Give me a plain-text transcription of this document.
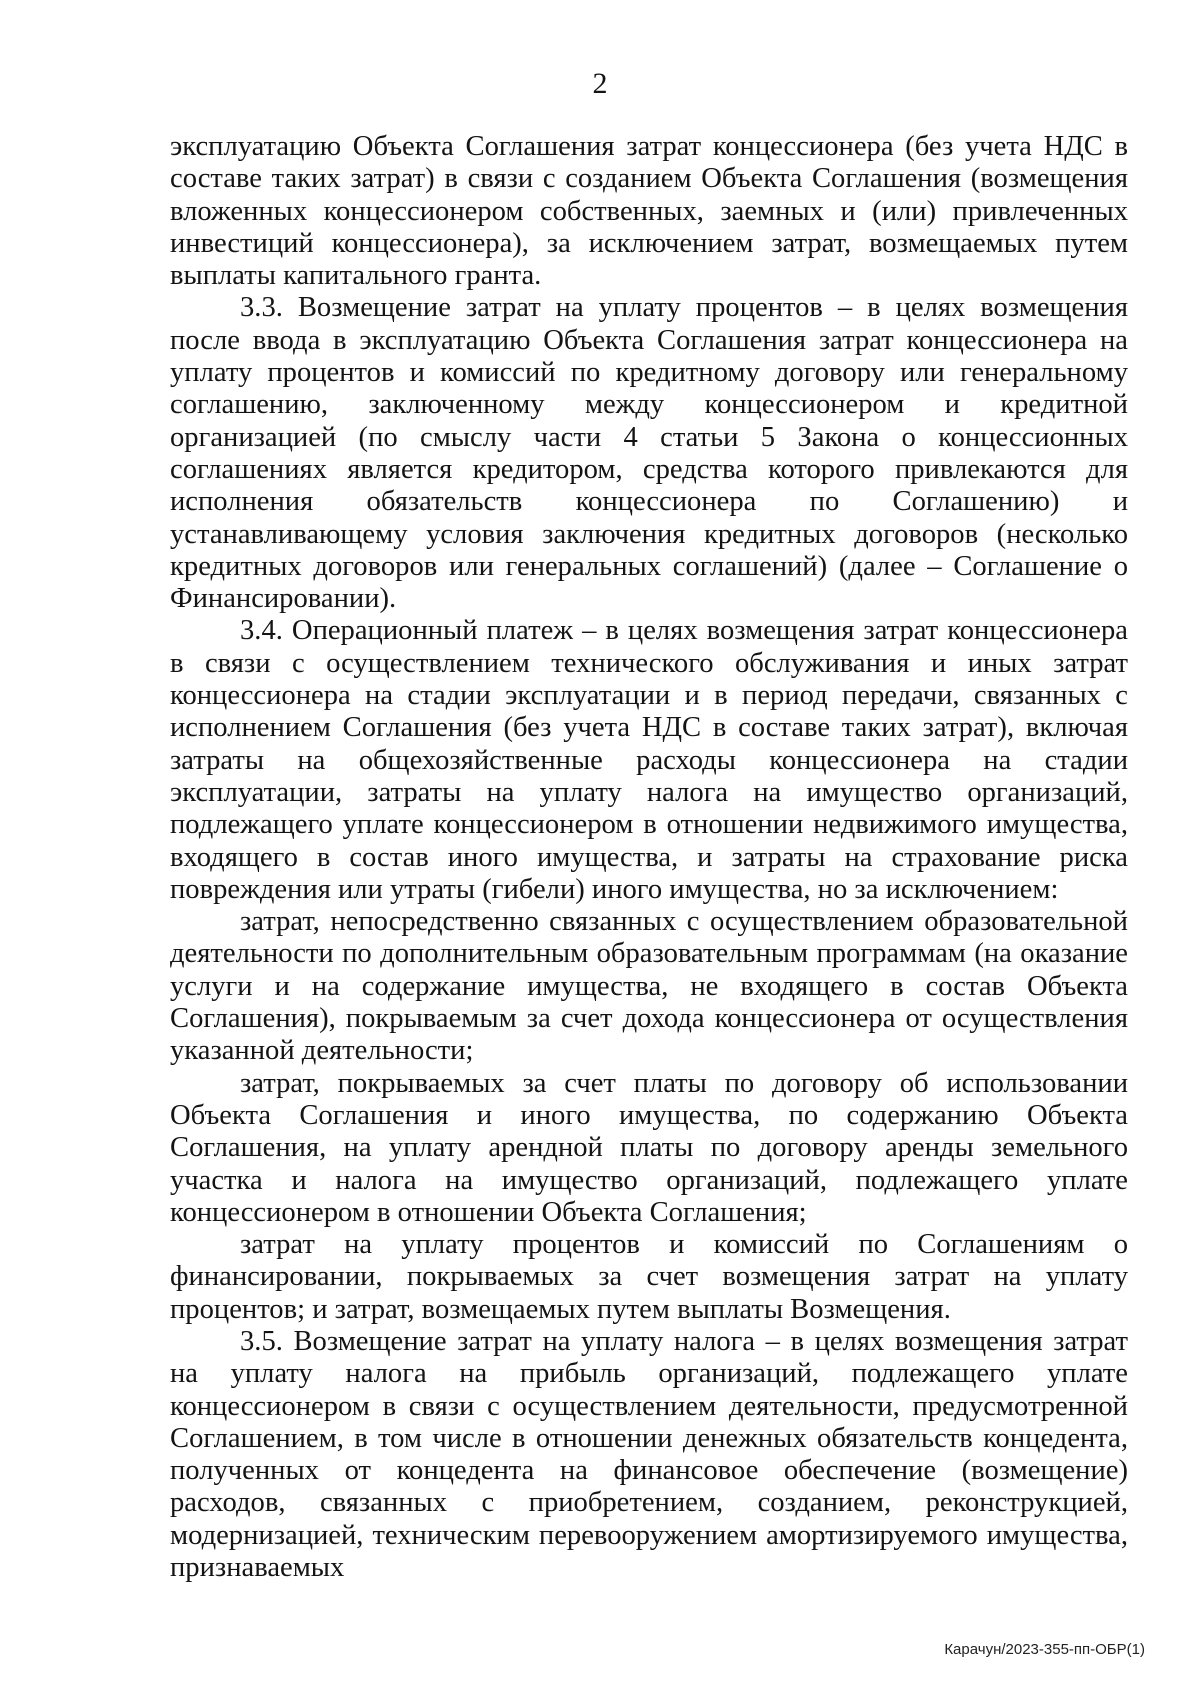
2

эксплуатацию Объекта Соглашения затрат концессионера (без учета НДС в составе таких затрат) в связи с созданием Объекта Соглашения (возмещения вложенных концессионером собственных, заемных и (или) привлеченных инвестиций концессионера), за исключением затрат, возмещаемых путем выплаты капитального гранта.

3.3. Возмещение затрат на уплату процентов – в целях возмещения после ввода в эксплуатацию Объекта Соглашения затрат концессионера на уплату процентов и комиссий по кредитному договору или генеральному соглашению, заключенному между концессионером и кредитной организацией (по смыслу части 4 статьи 5 Закона о концессионных соглашениях является кредитором, средства которого привлекаются для исполнения обязательств концессионера по Соглашению) и устанавливающему условия заключения кредитных договоров (несколько кредитных договоров или генеральных соглашений) (далее – Соглашение о Финансировании).

3.4. Операционный платеж – в целях возмещения затрат концессионера в связи с осуществлением технического обслуживания и иных затрат концессионера на стадии эксплуатации и в период передачи, связанных с исполнением Соглашения (без учета НДС в составе таких затрат), включая затраты на общехозяйственные расходы концессионера на стадии эксплуатации, затраты на уплату налога на имущество организаций, подлежащего уплате концессионером в отношении недвижимого имущества, входящего в состав иного имущества, и затраты на страхование риска повреждения или утраты (гибели) иного имущества, но за исключением:

затрат, непосредственно связанных с осуществлением образовательной деятельности по дополнительным образовательным программам (на оказание услуги и на содержание имущества, не входящего в состав Объекта Соглашения), покрываемым за счет дохода концессионера от осуществления указанной деятельности;

затрат, покрываемых за счет платы по договору об использовании Объекта Соглашения и иного имущества, по содержанию Объекта Соглашения, на уплату арендной платы по договору аренды земельного участка и налога на имущество организаций, подлежащего уплате концессионером в отношении Объекта Соглашения;

затрат на уплату процентов и комиссий по Соглашениям о финансировании, покрываемых за счет возмещения затрат на уплату процентов; и затрат, возмещаемых путем выплаты Возмещения.

3.5. Возмещение затрат на уплату налога – в целях возмещения затрат на уплату налога на прибыль организаций, подлежащего уплате концессионером в связи с осуществлением деятельности, предусмотренной Соглашением, в том числе в отношении денежных обязательств концедента, полученных от концедента на финансовое обеспечение (возмещение) расходов, связанных с приобретением, созданием, реконструкцией, модернизацией, техническим перевооружением амортизируемого имущества, признаваемых

Карачун/2023-355-пп-ОБР(1)
